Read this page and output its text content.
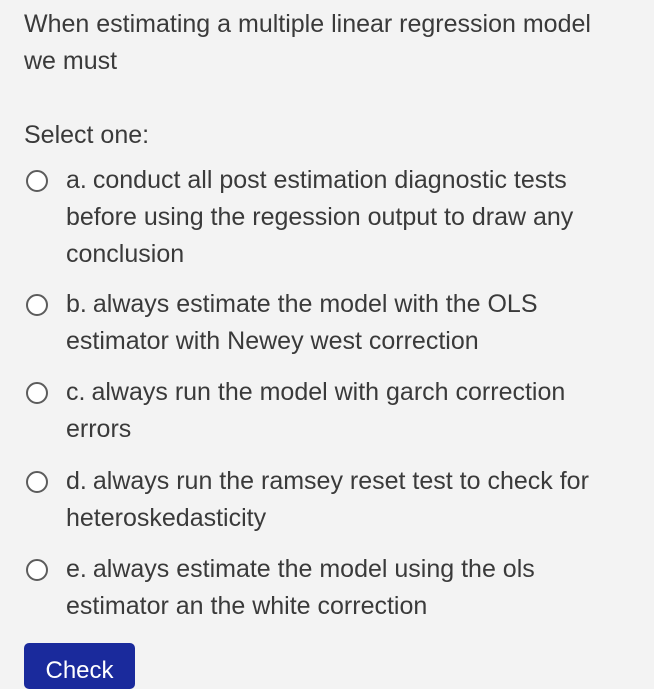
When estimating a multiple linear regression model we must

Select one:

a. conduct all post estimation diagnostic tests before using the regession output to draw any conclusion
b. always estimate the model with the OLS estimator with Newey west correction
c. always run the model with garch correction errors
d. always run the ramsey reset test to check for heteroskedasticity
e. always estimate the model using the ols estimator an the white correction
Check
